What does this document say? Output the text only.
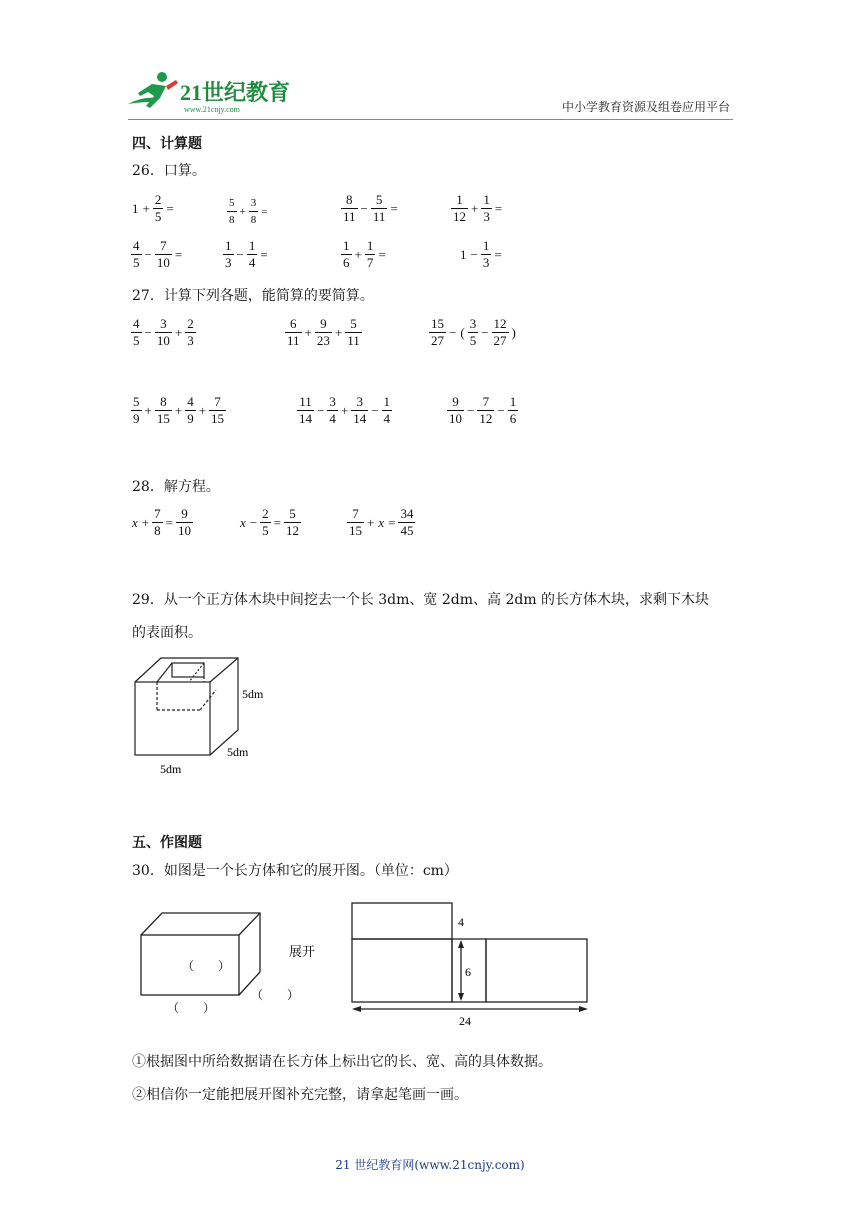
21世纪教育
www.21cnjy.com	中小学教育资源及组卷应用平台
四、计算题
26．口算。
$1 + \frac{2}{5}$ =	$\frac{5}{8} + \frac{3}{8}$ =	$\frac{8}{11} - \frac{5}{11}$ =	$\frac{1}{12} + \frac{1}{3}$ =
$\frac{4}{5} - \frac{7}{10}$ =	$\frac{1}{3} - \frac{1}{4}$ =	$\frac{1}{6} + \frac{1}{7}$ =	$1 - \frac{1}{3}$ =
27．计算下列各题，能简算的要简算。
$\frac{4}{5} - \frac{3}{10} + \frac{2}{3}$	$\frac{6}{11} + \frac{9}{23} + \frac{5}{11}$	$\frac{15}{27}$ − ( $\frac{3}{5} - \frac{12}{27}$ )
$\frac{5}{9} + \frac{8}{15} + \frac{4}{9} + \frac{7}{15}$	$\frac{11}{14} - \frac{3}{4} + \frac{3}{14} - \frac{1}{4}$	$\frac{9}{10} - \frac{7}{12} - \frac{1}{6}$
28．解方程。
$x + \frac{7}{8} = \frac{9}{10}$	$x - \frac{2}{5} = \frac{5}{12}$	$\frac{7}{15} + x = \frac{34}{45}$
29．从一个正方体木块中间挖去一个长 3dm、宽 2dm、高 2dm 的长方体木块，求剩下木块
的表面积。
5dm
5dm
5dm
五、作图题
30．如图是一个长方体和它的展开图。（单位：cm）
（　　）
（　　）
（　　）
展开
4
6
24
①根据图中所给数据请在长方体上标出它的长、宽、高的具体数据。
②相信你一定能把展开图补充完整，请拿起笔画一画。
21 世纪教育网(www.21cnjy.com)
